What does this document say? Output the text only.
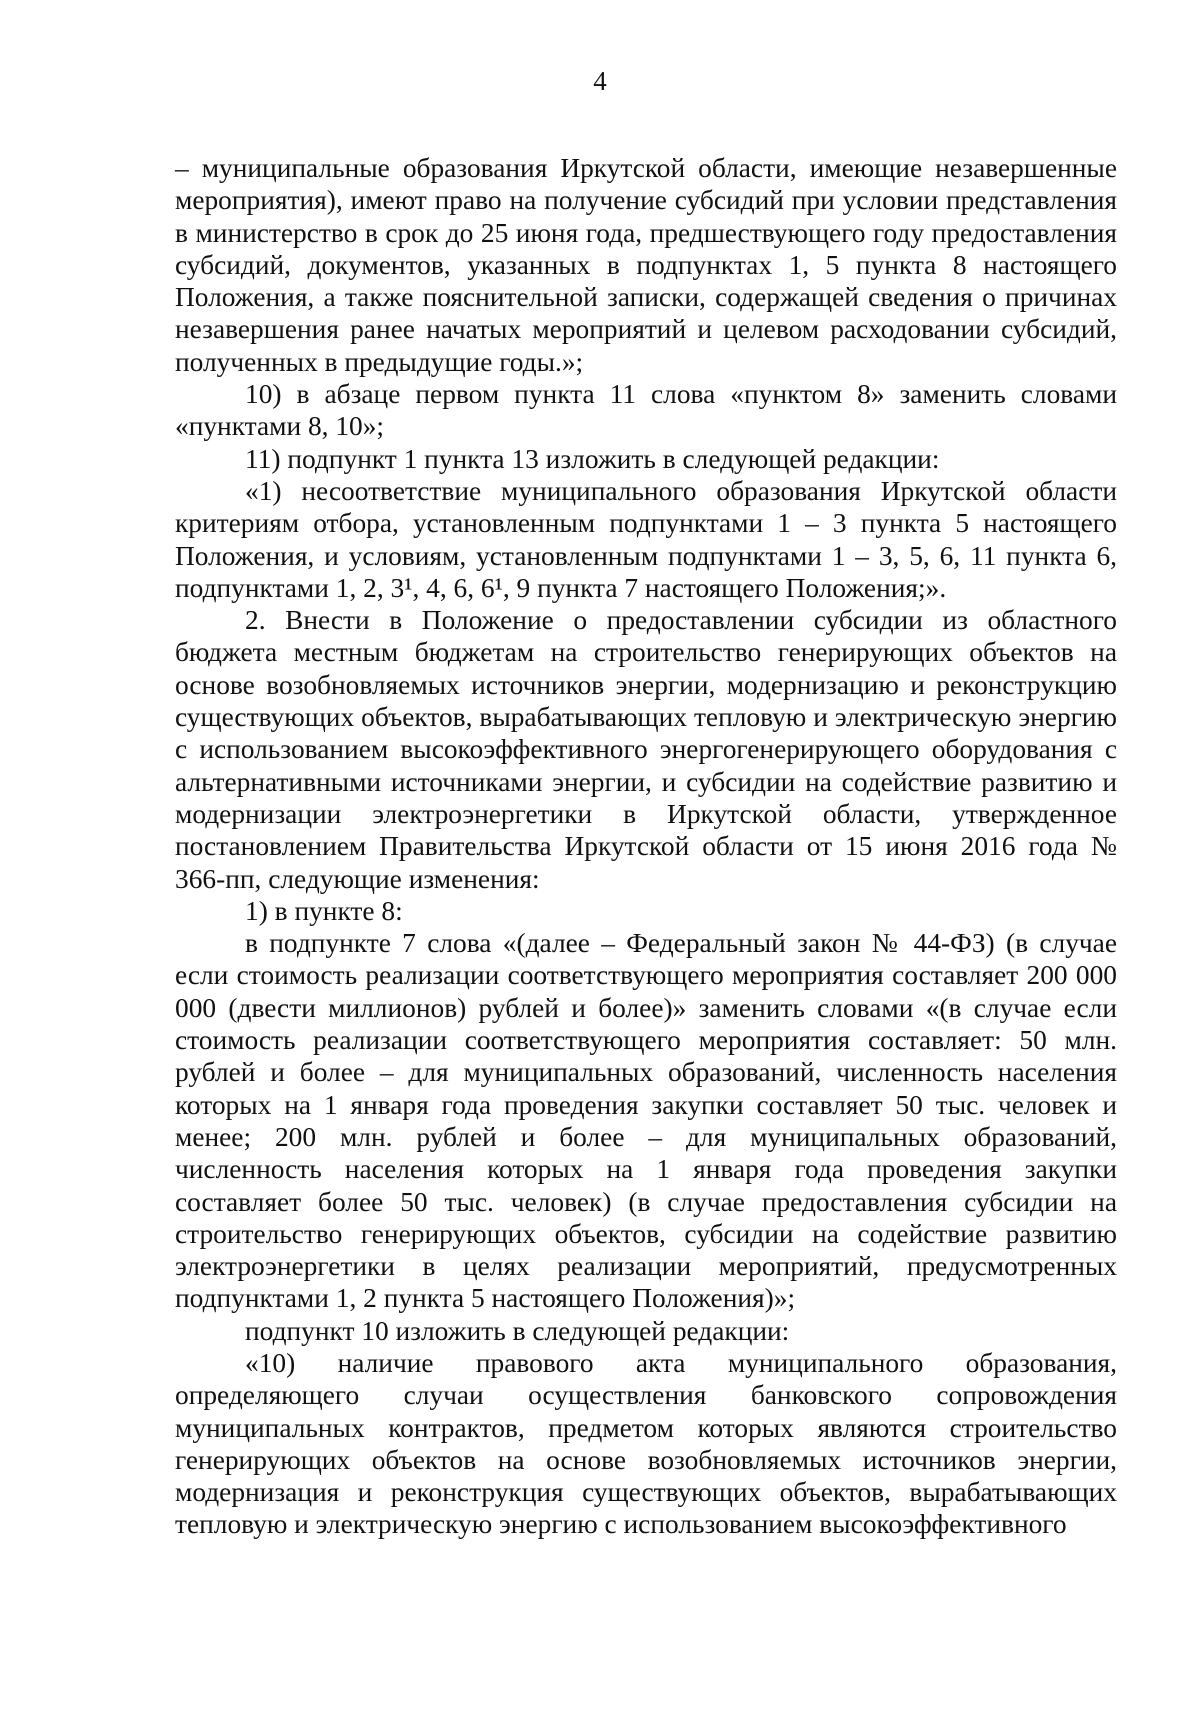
4

– муниципальные образования Иркутской области, имеющие незавершенные мероприятия), имеют право на получение субсидий при условии представления в министерство в срок до 25 июня года, предшествующего году предоставления субсидий, документов, указанных в подпунктах 1, 5 пункта 8 настоящего Положения, а также пояснительной записки, содержащей сведения о причинах незавершения ранее начатых мероприятий и целевом расходовании субсидий, полученных в предыдущие годы.»;

10) в абзаце первом пункта 11 слова «пунктом 8» заменить словами «пунктами 8, 10»;

11) подпункт 1 пункта 13 изложить в следующей редакции:

«1) несоответствие муниципального образования Иркутской области критериям отбора, установленным подпунктами 1 – 3 пункта 5 настоящего Положения, и условиям, установленным подпунктами 1 – 3, 5, 6, 11 пункта 6, подпунктами 1, 2, 3¹, 4, 6, 6¹, 9 пункта 7 настоящего Положения;».

2. Внести в Положение о предоставлении субсидии из областного бюджета местным бюджетам на строительство генерирующих объектов на основе возобновляемых источников энергии, модернизацию и реконструкцию существующих объектов, вырабатывающих тепловую и электрическую энергию с использованием высокоэффективного энергогенерирующего оборудования с альтернативными источниками энергии, и субсидии на содействие развитию и модернизации электроэнергетики в Иркутской области, утвержденное постановлением Правительства Иркутской области от 15 июня 2016 года № 366-пп, следующие изменения:

1) в пункте 8:

в подпункте 7 слова «(далее – Федеральный закон № 44-ФЗ) (в случае если стоимость реализации соответствующего мероприятия составляет 200 000 000 (двести миллионов) рублей и более)» заменить словами «(в случае если стоимость реализации соответствующего мероприятия составляет: 50 млн. рублей и более – для муниципальных образований, численность населения которых на 1 января года проведения закупки составляет 50 тыс. человек и менее; 200 млн. рублей и более – для муниципальных образований, численность населения которых на 1 января года проведения закупки составляет более 50 тыс. человек) (в случае предоставления субсидии на строительство генерирующих объектов, субсидии на содействие развитию электроэнергетики в целях реализации мероприятий, предусмотренных подпунктами 1, 2 пункта 5 настоящего Положения)»;

подпункт 10 изложить в следующей редакции:

«10) наличие правового акта муниципального образования, определяющего случаи осуществления банковского сопровождения муниципальных контрактов, предметом которых являются строительство генерирующих объектов на основе возобновляемых источников энергии, модернизация и реконструкция существующих объектов, вырабатывающих тепловую и электрическую энергию с использованием высокоэффективного
